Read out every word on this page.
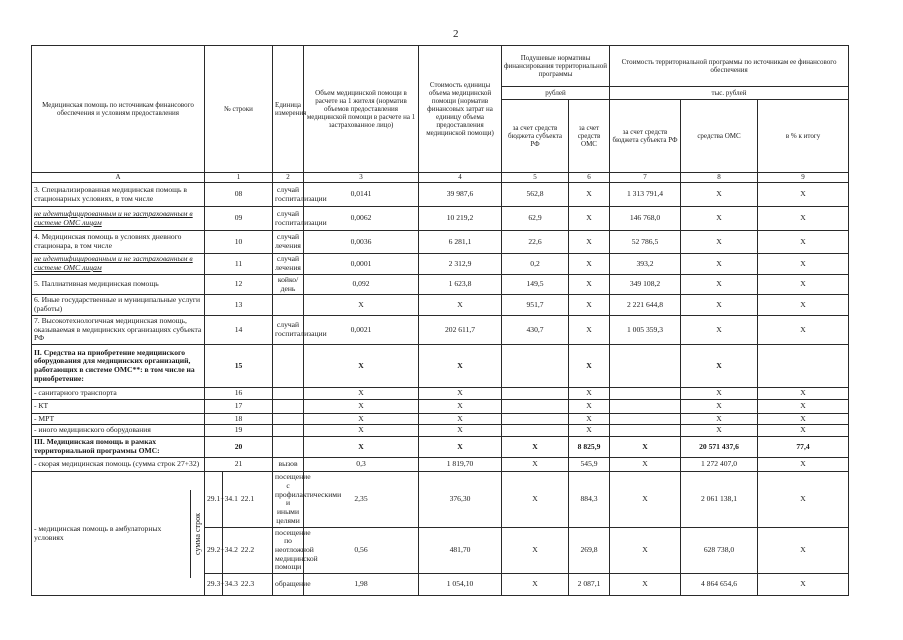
2
Медицинская помощь по источникам финансового обеспечения и условиям предоставления	№ строки		Единица измерения	Объем медицинской помощи в расчете на 1 жителя (норматив объемов предоставления медицинской помощи в расчете на 1 застрахованное лицо)	Стоимость единицы объема медицинской помощи (норматив финансовых затрат на единицу объема предоставления медицинской помощи)	Подушевые нормативы финансирования территориальной программы		Стоимость территориальной программы по источникам ее финансового обеспечения		
						рублей		тыс. рублей		
						за счет средств бюджета субъекта РФ	за счет средств ОМС	за счет средств бюджета субъекта РФ	средства ОМС	в % к итогу
А	1		2	3	4	5	6	7	8	9
3. Специализированная медицинская помощь в стационарных условиях, в том числе	08		случай госпитализации	0,0141	39 987,6	562,8	X	1 313 791,4	X	X
не идентифицированным и не застрахованным в системе ОМС лицам	09		случай госпитализации	0,0062	10 219,2	62,9	X	146 768,0	X	X
4. Медицинская помощь в условиях дневного стационара, в том числе	10		случай лечения	0,0036	6 281,1	22,6	X	52 786,5	X	X
не идентифицированным и не застрахованным в системе ОМС лицам	11		случай лечения	0,0001	2 312,9	0,2	X	393,2	X	X
5. Паллиативная медицинская помощь	12		койко/день	0,092	1 623,8	149,5	X	349 108,2	X	X
6. Иные государственные и муниципальные услуги (работы)	13			X	X	951,7	X	2 221 644,8	X	X
7. Высокотехнологичная медицинская помощь, оказываемая в медицинских организациях субъекта РФ	14		случай госпитализации	0,0021	202 611,7	430,7	X	1 005 359,3	X	X
II. Средства на приобретение медицинского оборудования для медицинских организаций, работающих в системе ОМС**: в том числе на приобретение:	15			X	X		X		X	
- санитарного транспорта	16			X	X		X		X	X
- КТ	17			X	X		X		X	X
- МРТ	18			X	X		X		X	X
- иного медицинского оборудования	19			X	X		X		X	X
III. Медицинская помощь в рамках территориальной программы ОМС:	20			X	X	X	8 825,9	X	20 571 437,6	77,4
- скорая медицинская помощь (сумма строк 27+32)	21		вызов	0,3	1 819,70	X	545,9	X	1 272 407,0	X

- медицинская помощь в амбулаторных условиях сумма строк	29.1+34.1	22.1	посещение с профилактическими и иными целями	2,35	376,30	X	884,3	X	2 061 138,1	X
	29.2+34.2	22.2	посещение по неотложной медицинской помощи	0,56	481,70	X	269,8	X	628 738,0	X
	29.3+34.3	22.3	обращение	1,98	1 054,10	X	2 087,1	X	4 864 654,6	X
